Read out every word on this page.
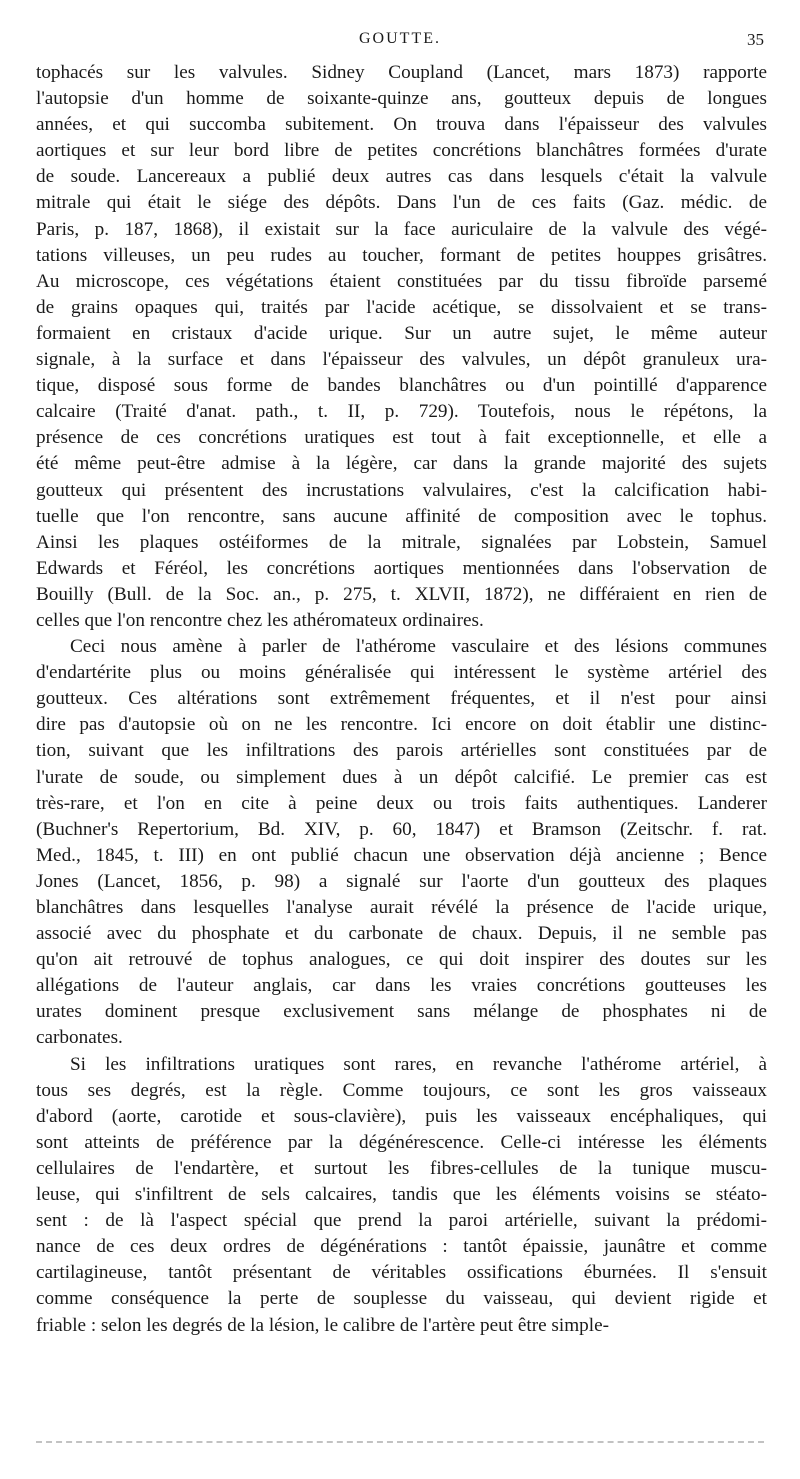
GOUTTE.	35
tophacés sur les valvules. Sidney Coupland (Lancet, mars 1873) rapporte
l'autopsie d'un homme de soixante-quinze ans, goutteux depuis de longues
années, et qui succomba subitement. On trouva dans l'épaisseur des valvules
aortiques et sur leur bord libre de petites concrétions blanchâtres formées d'urate
de soude. Lancereaux a publié deux autres cas dans lesquels c'était la valvule
mitrale qui était le siége des dépôts. Dans l'un de ces faits (Gaz. médic. de
Paris, p. 187, 1868), il existait sur la face auriculaire de la valvule des végé-
tations villeuses, un peu rudes au toucher, formant de petites houppes grisâtres.
Au microscope, ces végétations étaient constituées par du tissu fibroïde parsemé
de grains opaques qui, traités par l'acide acétique, se dissolvaient et se trans-
formaient en cristaux d'acide urique. Sur un autre sujet, le même auteur
signale, à la surface et dans l'épaisseur des valvules, un dépôt granuleux ura-
tique, disposé sous forme de bandes blanchâtres ou d'un pointillé d'apparence
calcaire (Traité d'anat. path., t. II, p. 729). Toutefois, nous le répétons, la
présence de ces concrétions uratiques est tout à fait exceptionnelle, et elle a
été même peut-être admise à la légère, car dans la grande majorité des sujets
goutteux qui présentent des incrustations valvulaires, c'est la calcification habi-
tuelle que l'on rencontre, sans aucune affinité de composition avec le tophus.
Ainsi les plaques ostéiformes de la mitrale, signalées par Lobstein, Samuel
Edwards et Féréol, les concrétions aortiques mentionnées dans l'observation de
Bouilly (Bull. de la Soc. an., p. 275, t. XLVII, 1872), ne différaient en rien de
celles que l'on rencontre chez les athéromateux ordinaires.
Ceci nous amène à parler de l'athérome vasculaire et des lésions communes
d'endartérite plus ou moins généralisée qui intéressent le système artériel des
goutteux. Ces altérations sont extrêmement fréquentes, et il n'est pour ainsi
dire pas d'autopsie où on ne les rencontre. Ici encore on doit établir une distinc-
tion, suivant que les infiltrations des parois artérielles sont constituées par de
l'urate de soude, ou simplement dues à un dépôt calcifié. Le premier cas est
très-rare, et l'on en cite à peine deux ou trois faits authentiques. Landerer
(Buchner's Repertorium, Bd. XIV, p. 60, 1847) et Bramson (Zeitschr. f. rat.
Med., 1845, t. III) en ont publié chacun une observation déjà ancienne ; Bence
Jones (Lancet, 1856, p. 98) a signalé sur l'aorte d'un goutteux des plaques
blanchâtres dans lesquelles l'analyse aurait révélé la présence de l'acide urique,
associé avec du phosphate et du carbonate de chaux. Depuis, il ne semble pas
qu'on ait retrouvé de tophus analogues, ce qui doit inspirer des doutes sur les
allégations de l'auteur anglais, car dans les vraies concrétions goutteuses les
urates dominent presque exclusivement sans mélange de phosphates ni de
carbonates.
Si les infiltrations uratiques sont rares, en revanche l'athérome artériel, à
tous ses degrés, est la règle. Comme toujours, ce sont les gros vaisseaux
d'abord (aorte, carotide et sous-clavière), puis les vaisseaux encéphaliques, qui
sont atteints de préférence par la dégénérescence. Celle-ci intéresse les éléments
cellulaires de l'endartère, et surtout les fibres-cellules de la tunique muscu-
leuse, qui s'infiltrent de sels calcaires, tandis que les éléments voisins se stéatо-
sent : de là l'aspect spécial que prend la paroi artérielle, suivant la prédomi-
nance de ces deux ordres de dégénérations : tantôt épaissie, jaunâtre et comme
cartilagineuse, tantôt présentant de véritables ossifications éburnées. Il s'ensuit
comme conséquence la perte de souplesse du vaisseau, qui devient rigide et
friable : selon les degrés de la lésion, le calibre de l'artère peut être simple-
